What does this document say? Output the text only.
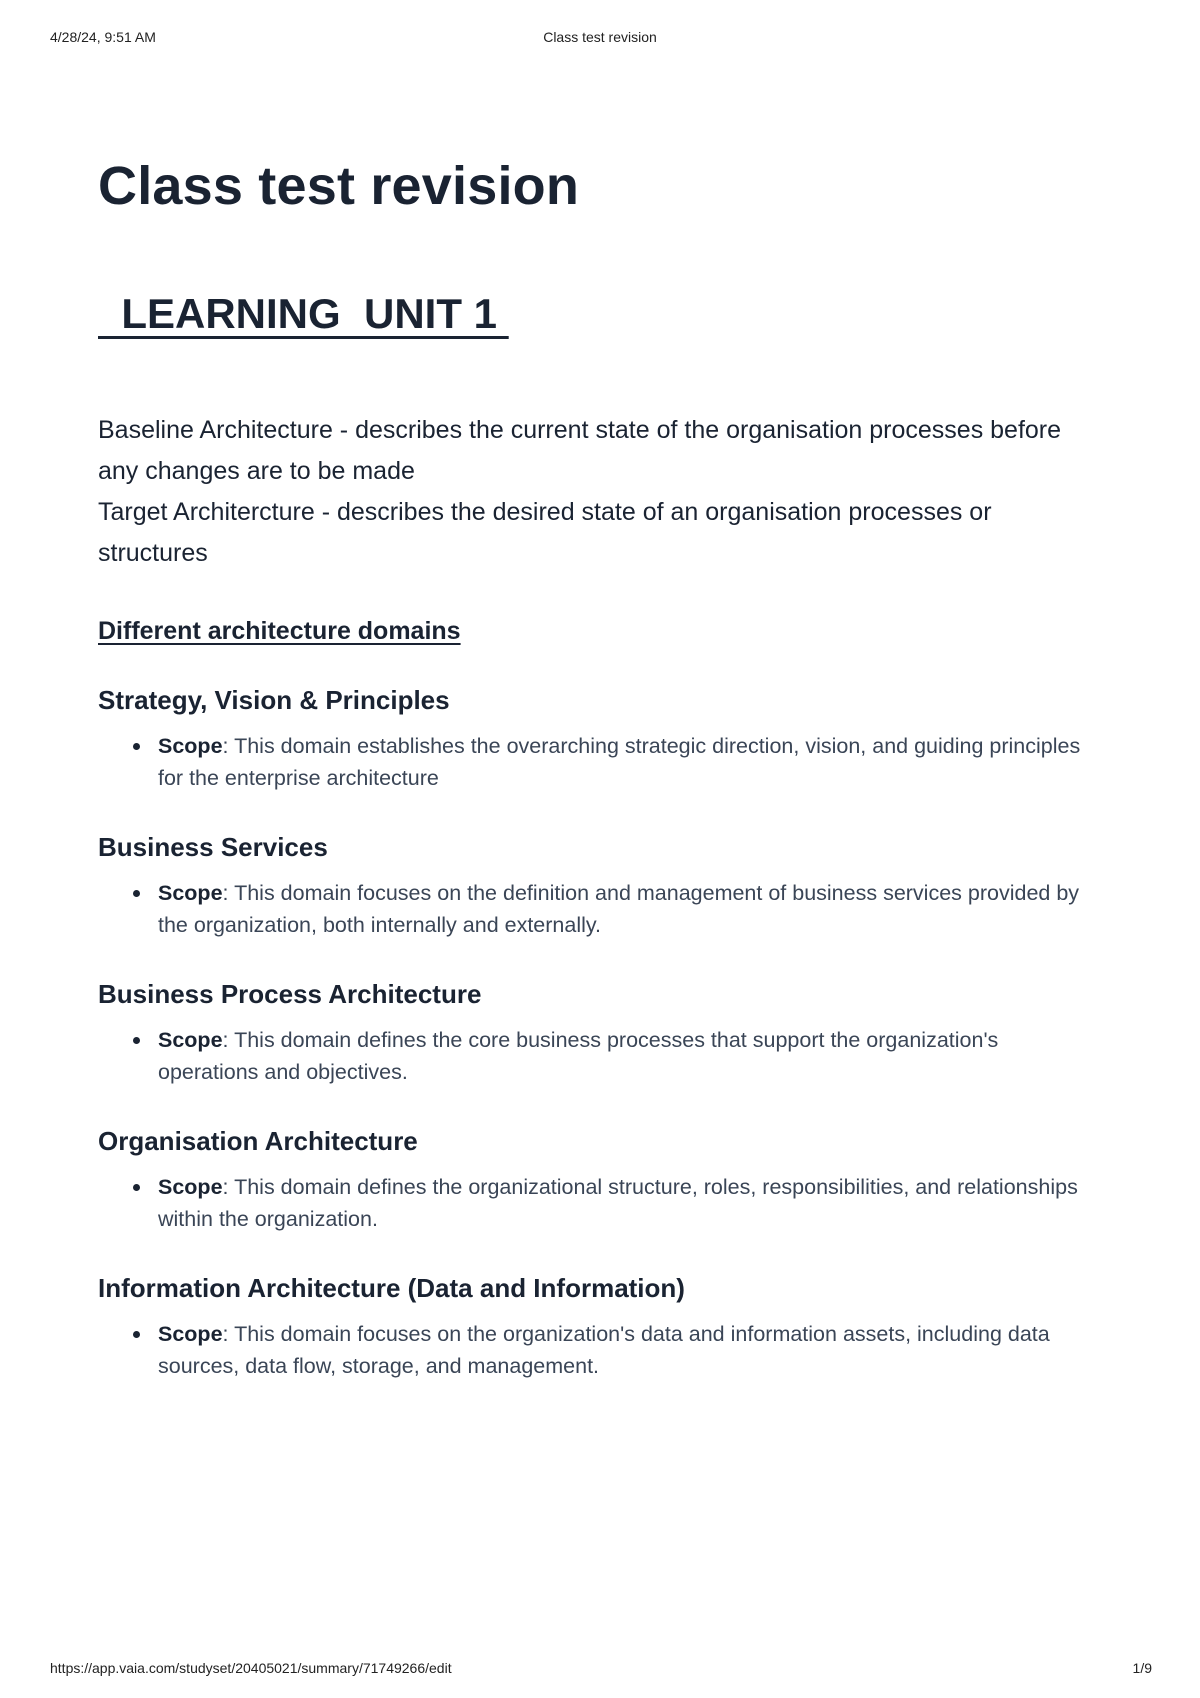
4/28/24, 9:51 AM	Class test revision
Class test revision
LEARNING  UNIT 1

Baseline Architecture - describes the current state of the organisation processes before any changes are to be made

Target Architercture - describes the desired state of an organisation processes or structures

Different architecture domains
Strategy, Vision & Principles
Scope: This domain establishes the overarching strategic direction, vision, and guiding principles for the enterprise architecture
Business Services
Scope: This domain focuses on the definition and management of business services provided by the organization, both internally and externally.
Business Process Architecture
Scope: This domain defines the core business processes that support the organization's operations and objectives.
Organisation Architecture
Scope: This domain defines the organizational structure, roles, responsibilities, and relationships within the organization.
Information Architecture (Data and Information)
Scope: This domain focuses on the organization's data and information assets, including data sources, data flow, storage, and management.
https://app.vaia.com/studyset/20405021/summary/71749266/edit	1/9
